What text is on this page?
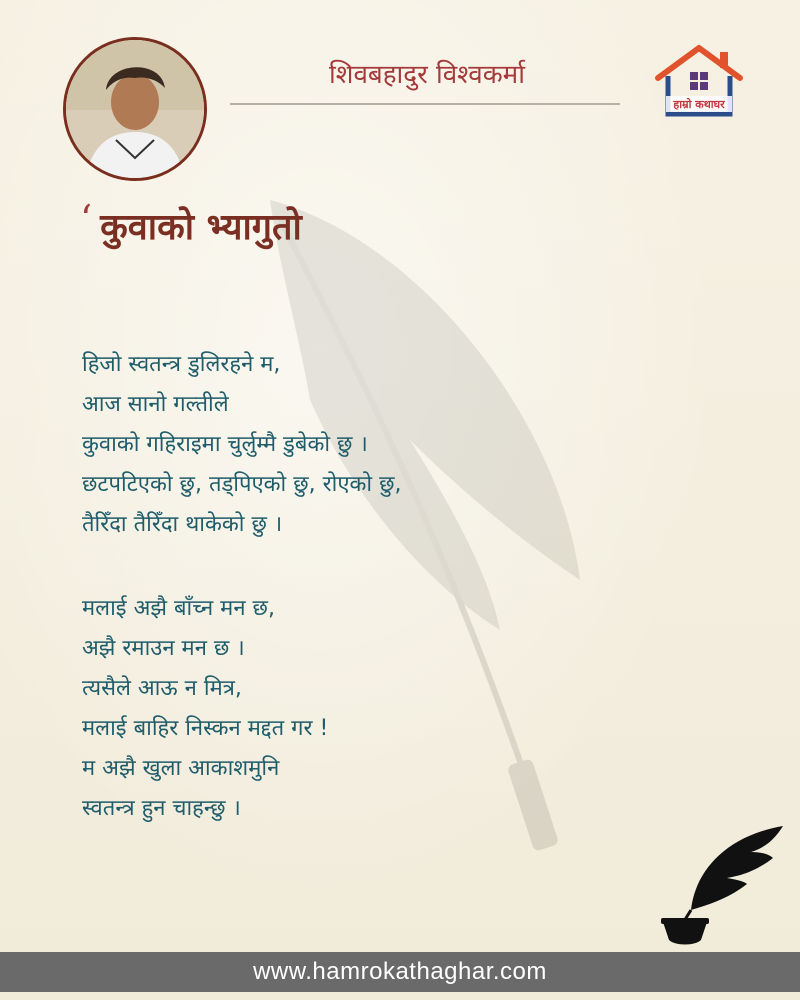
शिवबहादुर विश्वकर्मा
हाम्रो कथाघर
‘ कुवाको भ्यागुतो
हिजो स्वतन्त्र डुलिरहने म,
आज सानो गल्तीले
कुवाको गहिराइमा चुर्लुम्मै डुबेको छु ।
छटपटिएको छु, तड्पिएको छु, रोएको छु,
तैरिँदा तैरिँदा थाकेको छु ।
मलाई अझै बाँच्न मन छ,
अझै रमाउन मन छ ।
त्यसैले आऊ न मित्र,
मलाई बाहिर निस्कन मद्दत गर !
म अझै खुला आकाशमुनि
स्वतन्त्र हुन चाहन्छु ।
www.hamrokathaghar.com
